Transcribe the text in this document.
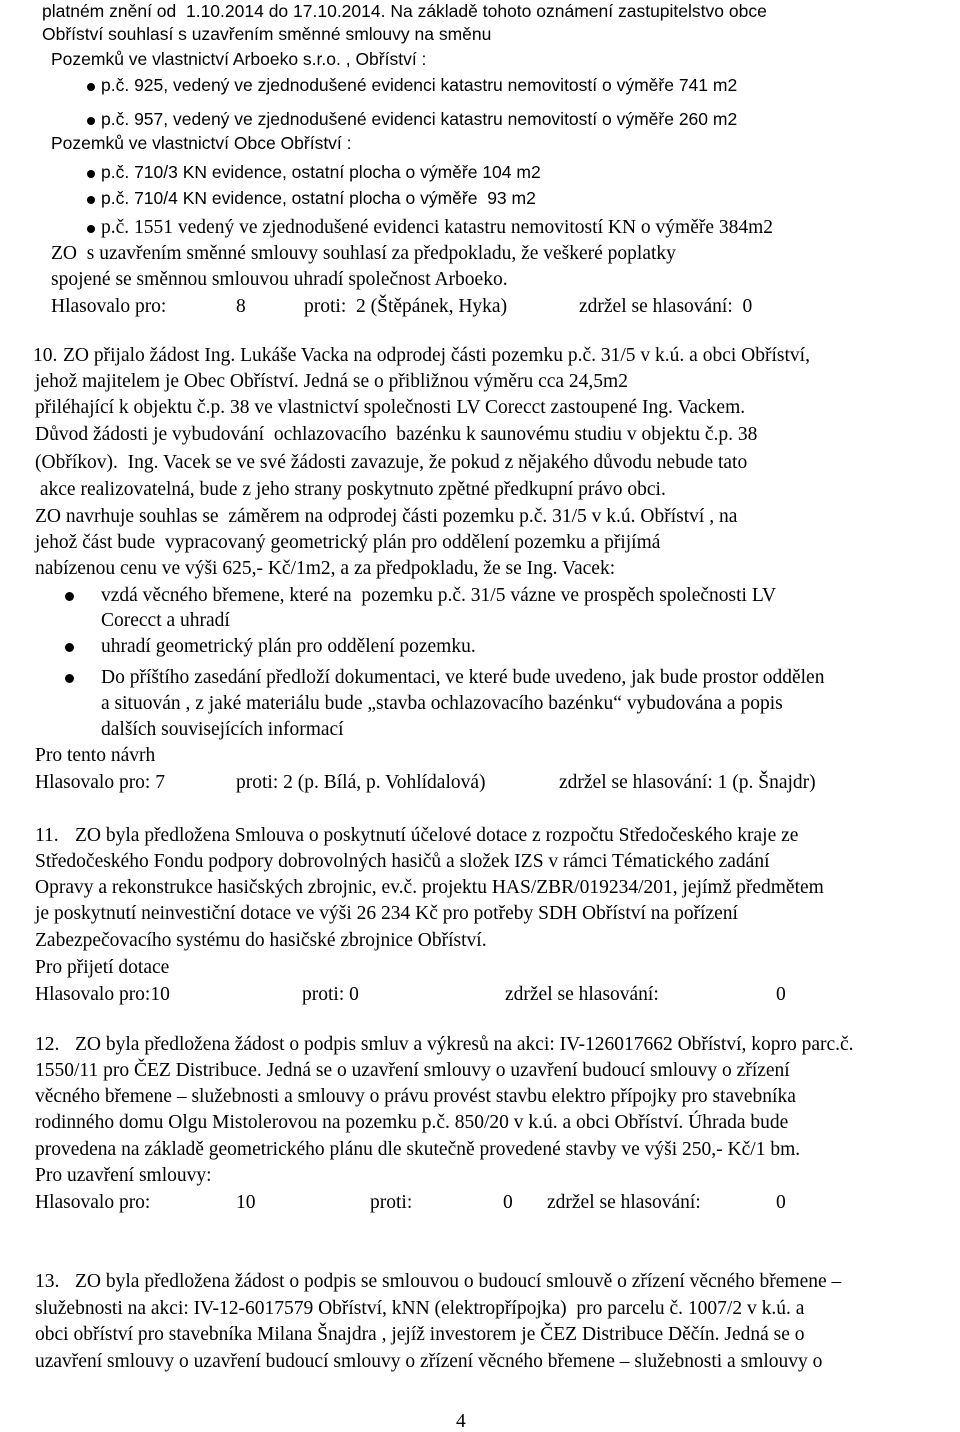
platném znění od  1.10.2014 do 17.10.2014. Na základě tohoto oznámení zastupitelstvo obce
Obříství souhlasí s uzavřením směnné smlouvy na směnu
Pozemků ve vlastnictví Arboeko s.r.o. , Obříství :
p.č. 925, vedený ve zjednodušené evidenci katastru nemovitostí o výměře 741 m2
p.č. 957, vedený ve zjednodušené evidenci katastru nemovitostí o výměře 260 m2
Pozemků ve vlastnictví Obce Obříství :
p.č. 710/3 KN evidence, ostatní plocha o výměře 104 m2
p.č. 710/4 KN evidence, ostatní plocha o výměře  93 m2
p.č. 1551 vedený ve zjednodušené evidenci katastru nemovitostí KN o výměře 384m2
ZO  s uzavřením směnné smlouvy souhlasí za předpokladu, že veškeré poplatky
spojené se směnnou smlouvou uhradí společnost Arboeko.
Hlasovalo pro:	8	proti:  2 (Štěpánek, Hyka)	zdržel se hlasování:  0
10. ZO přijalo žádost Ing. Lukáše Vacka na odprodej části pozemku p.č. 31/5 v k.ú. a obci Obříství,
jehož majitelem je Obec Obříství. Jedná se o přibližnou výměru cca 24,5m2
přiléhající k objektu č.p. 38 ve vlastnictví společnosti LV Corecct zastoupené Ing. Vackem.
Důvod žádosti je vybudování  ochlazovacího  bazénku k saunovému studiu v objektu č.p. 38
(Obříkov).  Ing. Vacek se ve své žádosti zavazuje, že pokud z nějakého důvodu nebude tato
akce realizovatelná, bude z jeho strany poskytnuto zpětné předkupní právo obci.
ZO navrhuje souhlas se  záměrem na odprodej části pozemku p.č. 31/5 v k.ú. Obříství , na
jehož část bude  vypracovaný geometrický plán pro oddělení pozemku a přijímá
nabízenou cenu ve výši 625,- Kč/1m2, a za předpokladu, že se Ing. Vacek:
vzdá věcného břemene, které na  pozemku p.č. 31/5 vázne ve prospěch společnosti LV
Corecct a uhradí
uhradí geometrický plán pro oddělení pozemku.
Do příštího zasedání předloží dokumentaci, ve které bude uvedeno, jak bude prostor oddělen
a situován , z jaké materiálu bude „stavba ochlazovacího bazénku“ vybudována a popis
dalších souvisejících informací
Pro tento návrh
Hlasovalo pro: 7	proti: 2 (p. Bílá, p. Vohlídalová)	zdržel se hlasování: 1 (p. Šnajdr)
11. ZO byla předložena Smlouva o poskytnutí účelové dotace z rozpočtu Středočeského kraje ze
Středočeského Fondu podpory dobrovolných hasičů a složek IZS v rámci Tématického zadání
Opravy a rekonstrukce hasičských zbrojnic, ev.č. projektu HAS/ZBR/019234/201, jejímž předmětem
je poskytnutí neinvestiční dotace ve výši 26 234 Kč pro potřeby SDH Obříství na pořízení
Zabezpečovacího systému do hasičské zbrojnice Obříství.
Pro přijetí dotace
Hlasovalo pro:10	proti: 0	zdržel se hlasování:	0
12. ZO byla předložena žádost o podpis smluv a výkresů na akci: IV-126017662 Obříství, kopro parc.č.
1550/11 pro ČEZ Distribuce. Jedná se o uzavření smlouvy o uzavření budoucí smlouvy o zřízení
věcného břemene – služebnosti a smlouvy o právu provést stavbu elektro přípojky pro stavebníka
rodinného domu Olgu Mistolerovou na pozemku p.č. 850/20 v k.ú. a obci Obříství. Úhrada bude
provedena na základě geometrického plánu dle skutečně provedené stavby ve výši 250,- Kč/1 bm.
Pro uzavření smlouvy:
Hlasovalo pro:	10	proti:	0 zdržel se hlasování:	0
13. ZO byla předložena žádost o podpis se smlouvou o budoucí smlouvě o zřízení věcného břemene –
služebnosti na akci: IV-12-6017579 Obříství, kNN (elektropřípojka)  pro parcelu č. 1007/2 v k.ú. a
obci obříství pro stavebníka Milana Šnajdra , jejíž investorem je ČEZ Distribuce Děčín. Jedná se o
uzavření smlouvy o uzavření budoucí smlouvy o zřízení věcného břemene – služebnosti a smlouvy o
4
